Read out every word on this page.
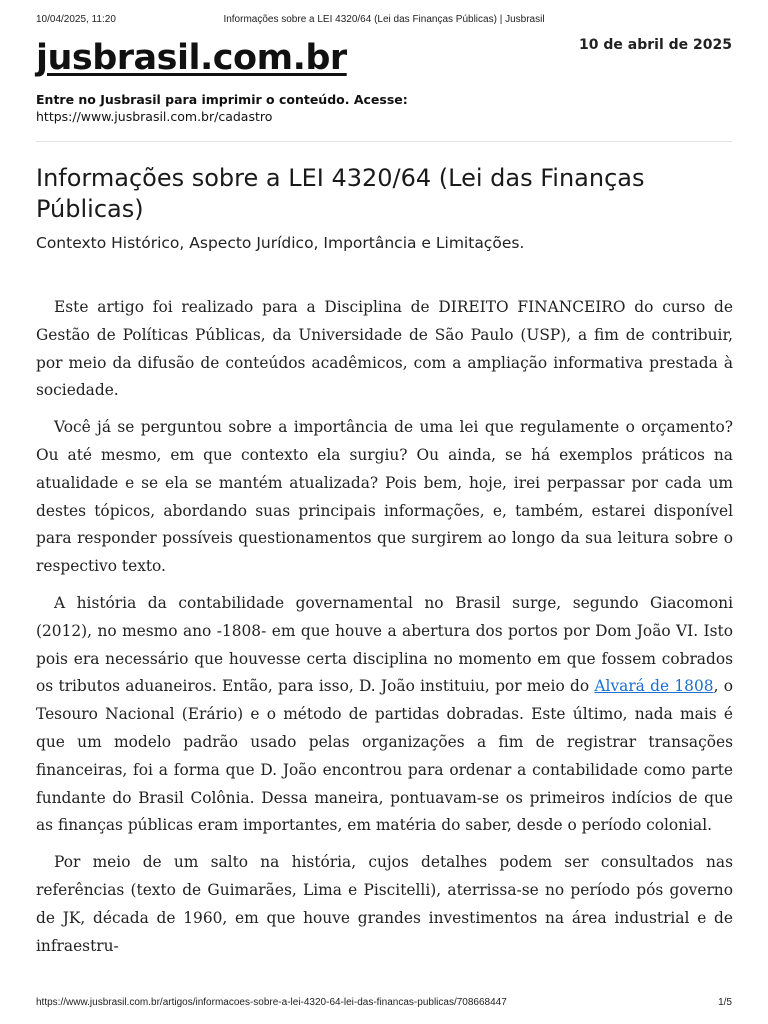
10/04/2025, 11:20	Informações sobre a LEI 4320/64 (Lei das Finanças Públicas) | Jusbrasil
jusbrasil.com.br	10 de abril de 2025
Entre no Jusbrasil para imprimir o conteúdo. Acesse:
https://www.jusbrasil.com.br/cadastro
Informações sobre a LEI 4320/64 (Lei das Finanças Públicas)

Contexto Histórico, Aspecto Jurídico, Importância e Limitações.

Este artigo foi realizado para a Disciplina de DIREITO FINANCEIRO do curso de Gestão de Políticas Públicas, da Universidade de São Paulo (USP), a fim de contribuir, por meio da difusão de conteúdos acadêmicos, com a ampliação informativa prestada à sociedade.

Você já se perguntou sobre a importância de uma lei que regulamente o orçamento? Ou até mesmo, em que contexto ela surgiu? Ou ainda, se há exemplos práticos na atualidade e se ela se mantém atualizada? Pois bem, hoje, irei perpassar por cada um destes tópicos, abordando suas principais informações, e, também, estarei disponível para responder possíveis questionamentos que surgirem ao longo da sua leitura sobre o respectivo texto.

A história da contabilidade governamental no Brasil surge, segundo Giacomoni (2012), no mesmo ano -1808- em que houve a abertura dos portos por Dom João VI. Isto pois era necessário que houvesse certa disciplina no momento em que fossem cobrados os tributos aduaneiros. Então, para isso, D. João instituiu, por meio do Alvará de 1808, o Tesouro Nacional (Erário) e o método de partidas dobradas. Este último, nada mais é que um modelo padrão usado pelas organizações a fim de registrar transações financeiras, foi a forma que D. João encontrou para ordenar a contabilidade como parte fundante do Brasil Colônia. Dessa maneira, pontuavam-se os primeiros indícios de que as finanças públicas eram importantes, em matéria do saber, desde o período colonial.

Por meio de um salto na história, cujos detalhes podem ser consultados nas referências (texto de Guimarães, Lima e Piscitelli), aterrissa-se no período pós governo de JK, década de 1960, em que houve grandes investimentos na área industrial e de infraestru-

https://www.jusbrasil.com.br/artigos/informacoes-sobre-a-lei-4320-64-lei-das-financas-publicas/708668447	1/5
